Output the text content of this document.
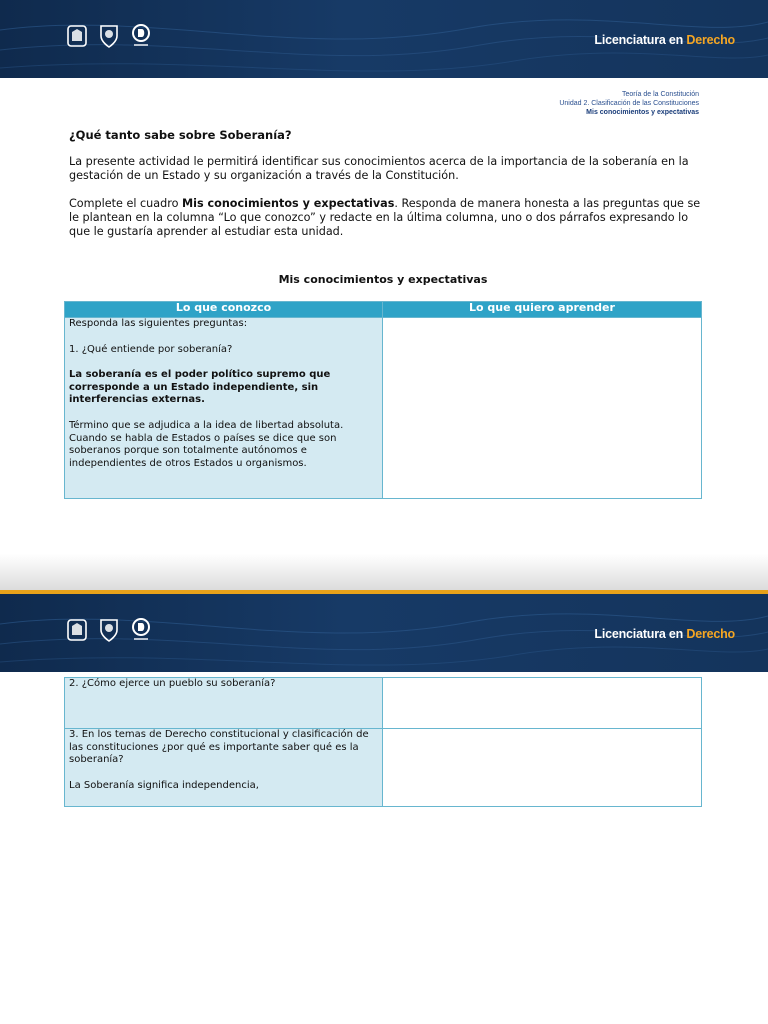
Licenciatura en Derecho
Teoría de la Constitución
Unidad 2. Clasificación de las Constituciones
Mis conocimientos y expectativas
¿Qué tanto sabe sobre Soberanía?

La presente actividad le permitirá identificar sus conocimientos acerca de la importancia de la soberanía en la gestación de un Estado y su organización a través de la Constitución.

Complete el cuadro Mis conocimientos y expectativas. Responda de manera honesta a las preguntas que se le plantean en la columna “Lo que conozco” y redacte en la última columna, uno o dos párrafos expresando lo que le gustaría aprender al estudiar esta unidad.

Mis conocimientos y expectativas
Lo que conozco	Lo que quiero aprender

Responda las siguientes preguntas:
1. ¿Qué entiende por soberanía?
La soberanía es el poder político supremo que corresponde a un Estado independiente, sin interferencias externas.
Término que se adjudica a la idea de libertad absoluta. Cuando se habla de Estados o países se dice que son soberanos porque son totalmente autónomos e independientes de otros Estados u organismos.	

Licenciatura en Derecho
2. ¿Cómo ejerce un pueblo su soberanía?	

3. En los temas de Derecho constitucional y clasificación de las constituciones ¿por qué es importante saber qué es la soberanía?
La Soberanía significa independencia,	
